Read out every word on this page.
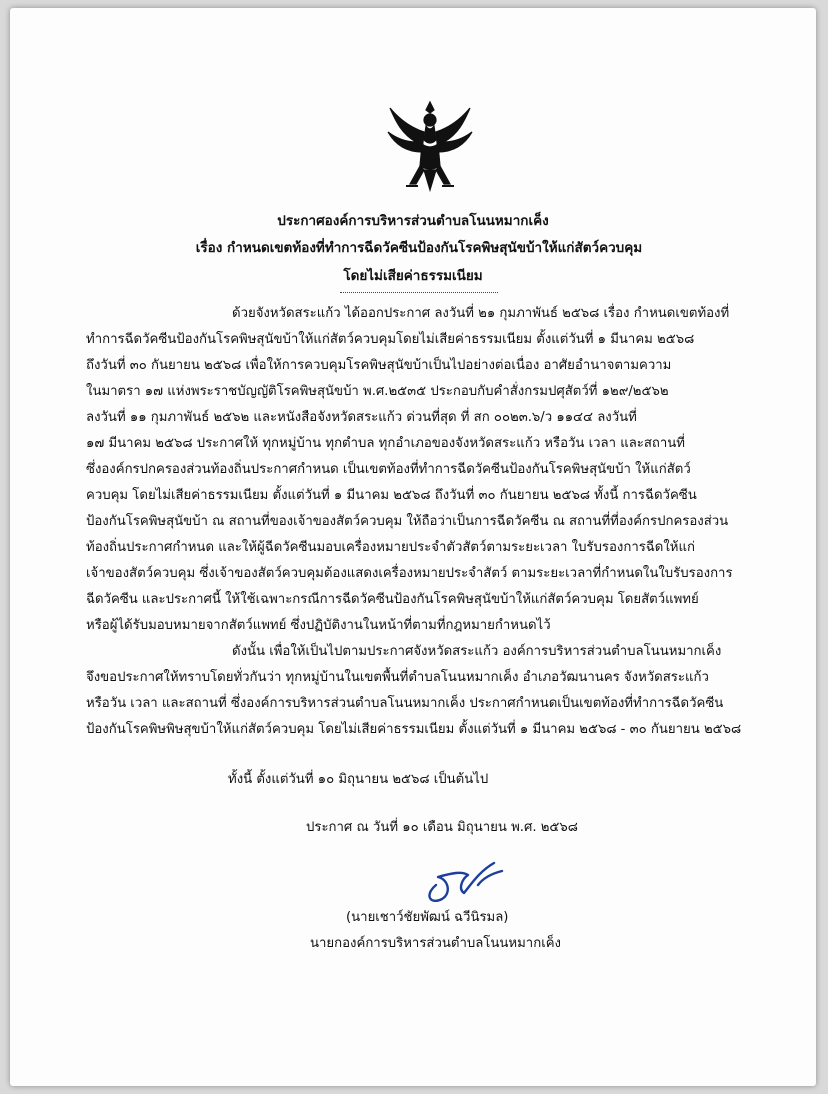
ประกาศองค์การบริหารส่วนตำบลโนนหมากเค็ง
เรื่อง กำหนดเขตท้องที่ทำการฉีดวัคซีนป้องกันโรคพิษสุนัขบ้าให้แก่สัตว์ควบคุม
โดยไม่เสียค่าธรรมเนียม
ด้วยจังหวัดสระแก้ว ได้ออกประกาศ ลงวันที่ ๒๑ กุมภาพันธ์ ๒๕๖๘ เรื่อง กำหนดเขตท้องที่
ทำการฉีดวัคซีนป้องกันโรคพิษสุนัขบ้าให้แก่สัตว์ควบคุมโดยไม่เสียค่าธรรมเนียม ตั้งแต่วันที่ ๑ มีนาคม ๒๕๖๘
ถึงวันที่ ๓๐ กันยายน ๒๕๖๘ เพื่อให้การควบคุมโรคพิษสุนัขบ้าเป็นไปอย่างต่อเนื่อง อาศัยอำนาจตามความ
ในมาตรา ๑๗ แห่งพระราชบัญญัติโรคพิษสุนัขบ้า พ.ศ.๒๕๓๕ ประกอบกับคำสั่งกรมปศุสัตว์ที่ ๑๒๙/๒๕๖๒
ลงวันที่ ๑๑ กุมภาพันธ์ ๒๕๖๒ และหนังสือจังหวัดสระแก้ว ด่วนที่สุด ที่ สก ๐๐๒๓.๖/ว ๑๑๔๔ ลงวันที่
๑๗ มีนาคม ๒๕๖๘ ประกาศให้ ทุกหมู่บ้าน ทุกตำบล ทุกอำเภอของจังหวัดสระแก้ว หรือวัน เวลา และสถานที่
ซึ่งองค์กรปกครองส่วนท้องถิ่นประกาศกำหนด เป็นเขตท้องที่ทำการฉีดวัคซีนป้องกันโรคพิษสุนัขบ้า ให้แก่สัตว์
ควบคุม โดยไม่เสียค่าธรรมเนียม ตั้งแต่วันที่ ๑ มีนาคม ๒๕๖๘ ถึงวันที่ ๓๐ กันยายน ๒๕๖๘ ทั้งนี้ การฉีดวัคซีน
ป้องกันโรคพิษสุนัขบ้า ณ สถานที่ของเจ้าของสัตว์ควบคุม ให้ถือว่าเป็นการฉีดวัคซีน ณ สถานที่ที่องค์กรปกครองส่วน
ท้องถิ่นประกาศกำหนด และให้ผู้ฉีดวัคซีนมอบเครื่องหมายประจำตัวสัตว์ตามระยะเวลา ใบรับรองการฉีดให้แก่
เจ้าของสัตว์ควบคุม ซึ่งเจ้าของสัตว์ควบคุมต้องแสดงเครื่องหมายประจำสัตว์ ตามระยะเวลาที่กำหนดในใบรับรองการ
ฉีดวัคซีน และประกาศนี้ ให้ใช้เฉพาะกรณีการฉีดวัคซีนป้องกันโรคพิษสุนัขบ้าให้แก่สัตว์ควบคุม โดยสัตว์แพทย์
หรือผู้ได้รับมอบหมายจากสัตว์แพทย์ ซึ่งปฏิบัติงานในหน้าที่ตามที่กฎหมายกำหนดไว้
ดังนั้น เพื่อให้เป็นไปตามประกาศจังหวัดสระแก้ว องค์การบริหารส่วนตำบลโนนหมากเค็ง
จึงขอประกาศให้ทราบโดยทั่วกันว่า ทุกหมู่บ้านในเขตพื้นที่ตำบลโนนหมากเค็ง อำเภอวัฒนานคร จังหวัดสระแก้ว
หรือวัน เวลา และสถานที่ ซึ่งองค์การบริหารส่วนตำบลโนนหมากเค็ง ประกาศกำหนดเป็นเขตท้องที่ทำการฉีดวัคซีน
ป้องกันโรคพิษพิษสุขบ้าให้แก่สัตว์ควบคุม โดยไม่เสียค่าธรรมเนียม ตั้งแต่วันที่ ๑ มีนาคม ๒๕๖๘ - ๓๐ กันยายน ๒๕๖๘
ทั้งนี้ ตั้งแต่วันที่ ๑๐ มิถุนายน ๒๕๖๘ เป็นต้นไป
ประกาศ ณ วันที่ ๑๐ เดือน มิถุนายน พ.ศ. ๒๕๖๘
(นายเชาว์ชัยพัฒน์ ฉวีนิรมล)
นายกองค์การบริหารส่วนตำบลโนนหมากเค็ง
